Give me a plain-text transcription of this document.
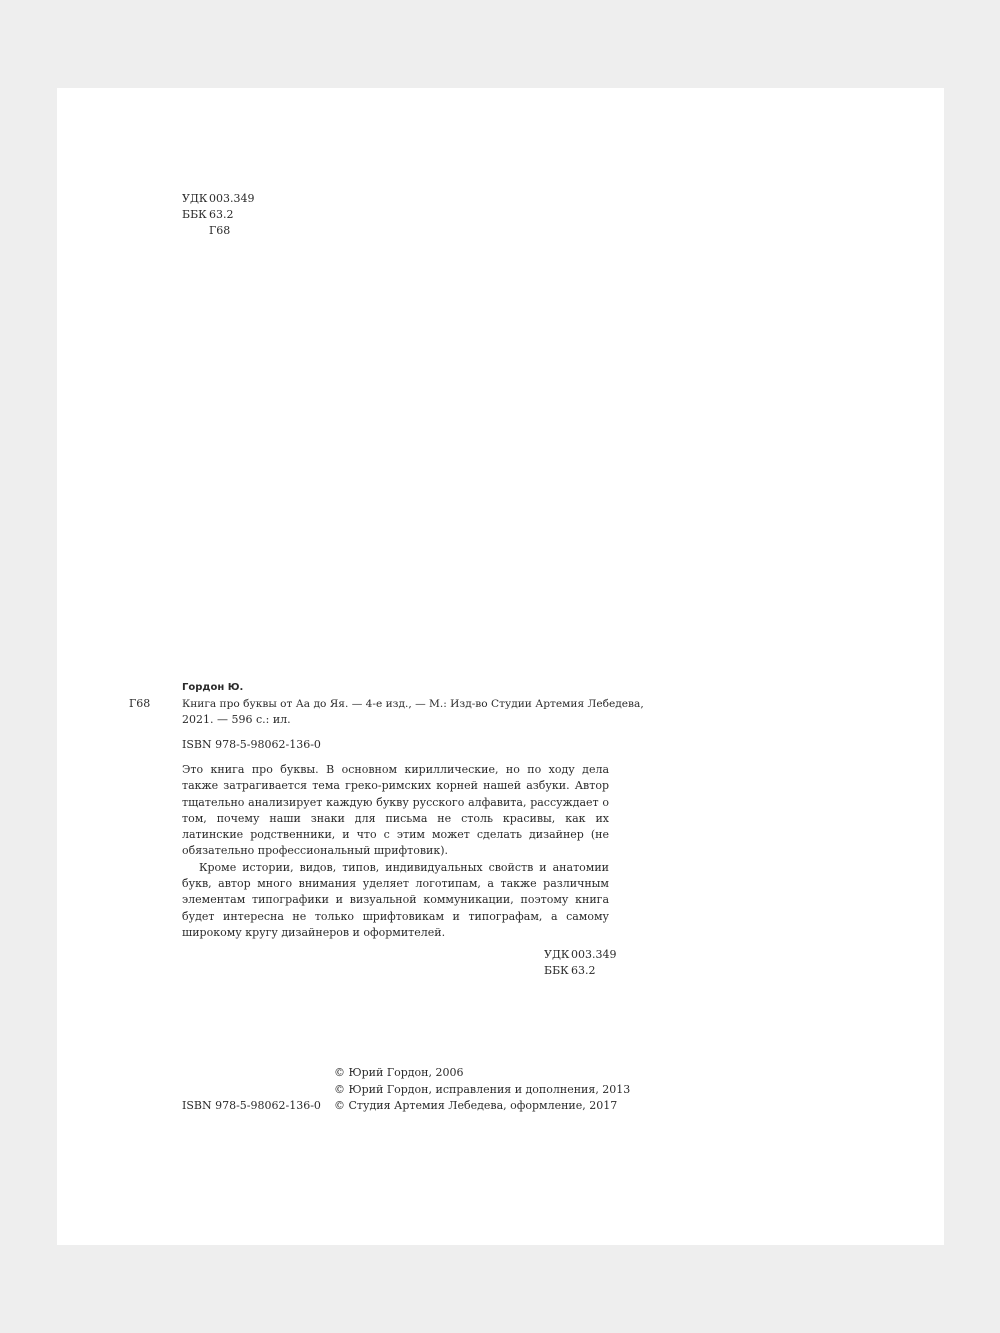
УДК 003.349
ББК 63.2
Г68
Гордон Ю.
Г68	Книга про буквы от Аа до Яя. — 4-е изд., — М.: Изд-во Студии Артемия Лебедева,
2021. — 596 с.: ил.
ISBN 978-5-98062-136-0

Это книга про буквы. В основном кириллические, но по ходу дела также затрагивается тема греко-римских корней нашей азбуки. Автор тщательно анализирует каждую букву русского алфавита, рассуждает о том, почему наши знаки для письма не столь красивы, как их латинские родственники, и что с этим может сделать дизайнер (не обязательно профессиональный шрифтовик).

Кроме истории, видов, типов, индивидуальных свойств и анатомии букв, автор много внимания уделяет логотипам, а также различным элементам типографики и визуальной коммуникации, поэтому книга будет интересна не только шрифтовикам и типографам, а самому широкому кругу дизайнеров и оформителей.

УДК 003.349
ББК 63.2
© Юрий Гордон, 2006
© Юрий Гордон, исправления и дополнения, 2013
© Студия Артемия Лебедева, оформление, 2017
ISBN 978-5-98062-136-0
